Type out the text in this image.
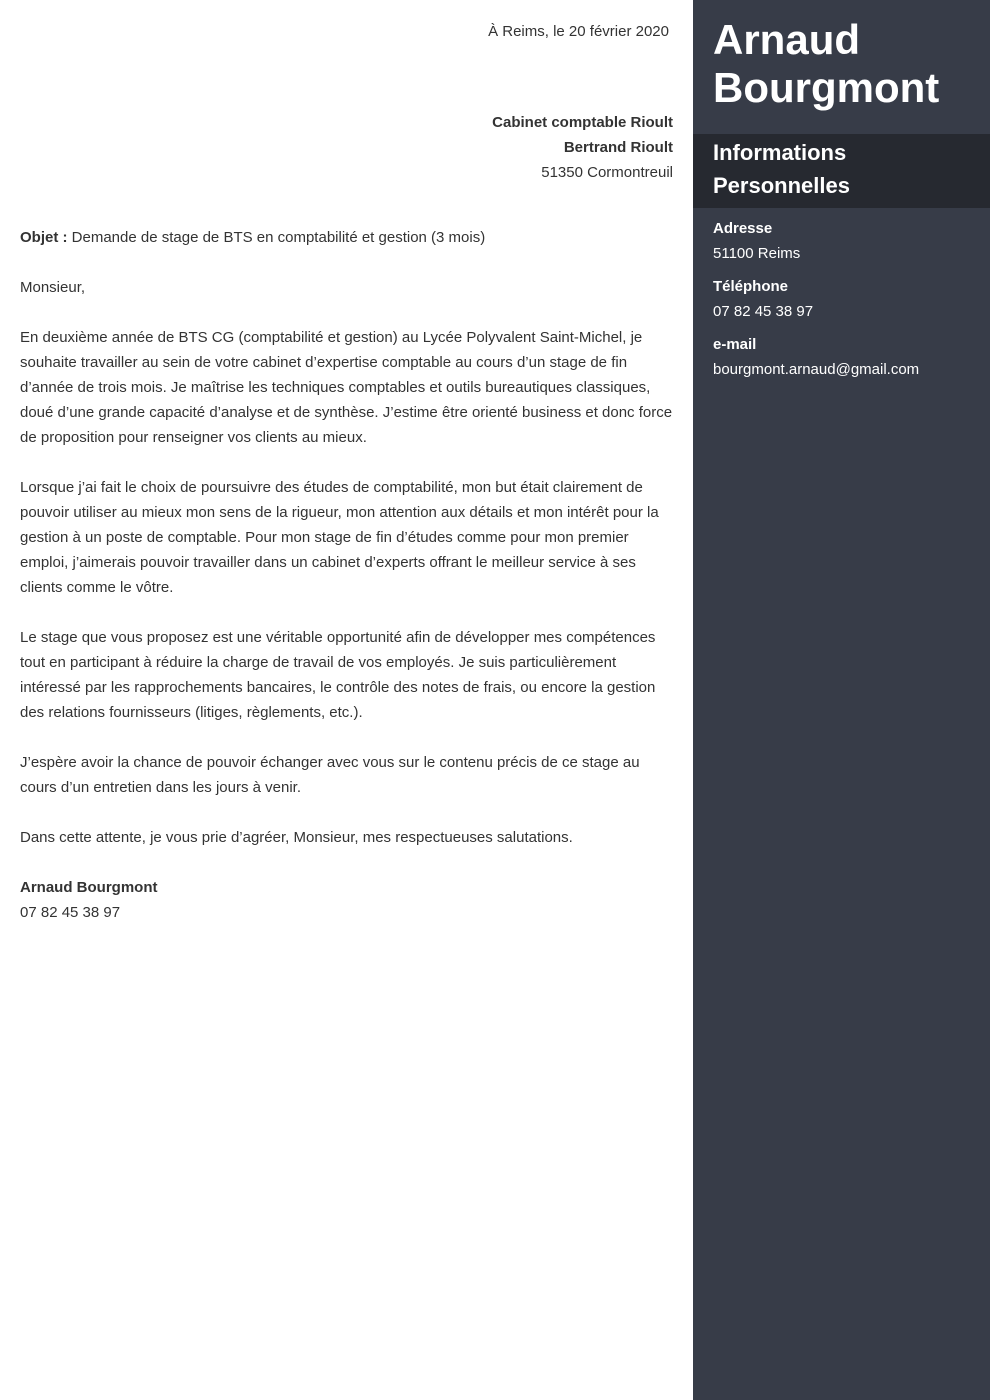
À Reims, le 20 février 2020
Cabinet comptable Rioult
Bertrand Rioult
51350 Cormontreuil

Objet : Demande de stage de BTS en comptabilité et gestion (3 mois)

Monsieur,

En deuxième année de BTS CG (comptabilité et gestion) au Lycée Polyvalent Saint-Michel, je souhaite travailler au sein de votre cabinet d’expertise comptable au cours d’un stage de fin d’année de trois mois. Je maîtrise les techniques comptables et outils bureautiques classiques, doué d’une grande capacité d’analyse et de synthèse. J’estime être orienté business et donc force de proposition pour renseigner vos clients au mieux.

Lorsque j’ai fait le choix de poursuivre des études de comptabilité, mon but était clairement de pouvoir utiliser au mieux mon sens de la rigueur, mon attention aux détails et mon intérêt pour la gestion à un poste de comptable. Pour mon stage de fin d’études comme pour mon premier emploi, j’aimerais pouvoir travailler dans un cabinet d’experts offrant le meilleur service à ses clients comme le vôtre.

Le stage que vous proposez est une véritable opportunité afin de développer mes compétences tout en participant à réduire la charge de travail de vos employés. Je suis particulièrement intéressé par les rapprochements bancaires, le contrôle des notes de frais, ou encore la gestion des relations fournisseurs (litiges, règlements, etc.).

J’espère avoir la chance de pouvoir échanger avec vous sur le contenu précis de ce stage au cours d’un entretien dans les jours à venir.

Dans cette attente, je vous prie d’agréer, Monsieur, mes respectueuses salutations.

Arnaud Bourgmont
07 82 45 38 97
Arnaud
Bourgmont
Informations
Personnelles
Adresse
51100 Reims
Téléphone
07 82 45 38 97
e-mail
bourgmont.arnaud@gmail.com
